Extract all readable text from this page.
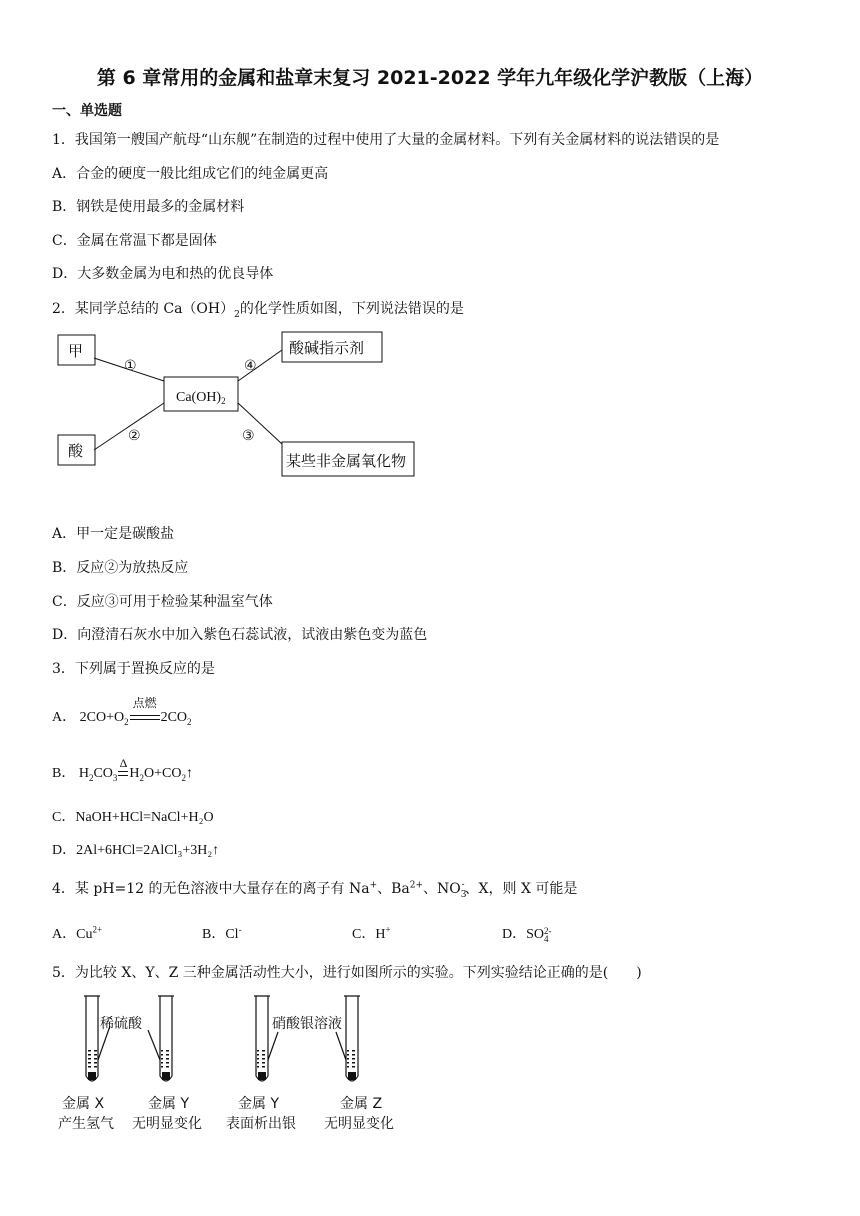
第 6 章常用的金属和盐章末复习 2021-2022 学年九年级化学沪教版（上海）
一、单选题
1．我国第一艘国产航母“山东舰”在制造的过程中使用了大量的金属材料。下列有关金属材料的说法错误的是
A．合金的硬度一般比组成它们的纯金属更高
B．钢铁是使用最多的金属材料
C．金属在常温下都是固体
D．大多数金属为电和热的优良导体
2．某同学总结的 $Ca(OH)_2$的化学性质如图，下列说法错误的是
甲
酸
酸碱指示剂
某些非金属氧化物
①
②	③
④
$Ca(OH)_2$
A．甲一定是碳酸盐
B．反应②为放热反应
C．反应③可用于检验某种温室气体
D．向澄清石灰水中加入紫色石蕊试液，试液由紫色变为蓝色
3．下列属于置换反应的是
A． $2CO+O_2$
点燃
$2CO_2$
B． $H_2CO_3$
Δ
$H_2O+CO_2↑$
C．NaOH+HCl=NaCl+H₂O
D．2Al+6HCl=2AlCl₃+3H₂↑
4．某 pH=12 的无色溶液中大量存在的离子有 Na+、$Ba^{2+}$、$NO_3^-$、X，则 X 可能是
A．$Cu^{2+}$	B．Cl-	C．H+	D．SO 2-
4
5．为比较 X、Y、Z 三种金属活动性大小，进行如图所示的实验。下列实验结论正确的是(　　)
稀硫酸	硝酸银溶液
金属 X
产生氢气
金属 Y
无明显变化
金属 Y
表面析出银
金属 Z
无明显变化
